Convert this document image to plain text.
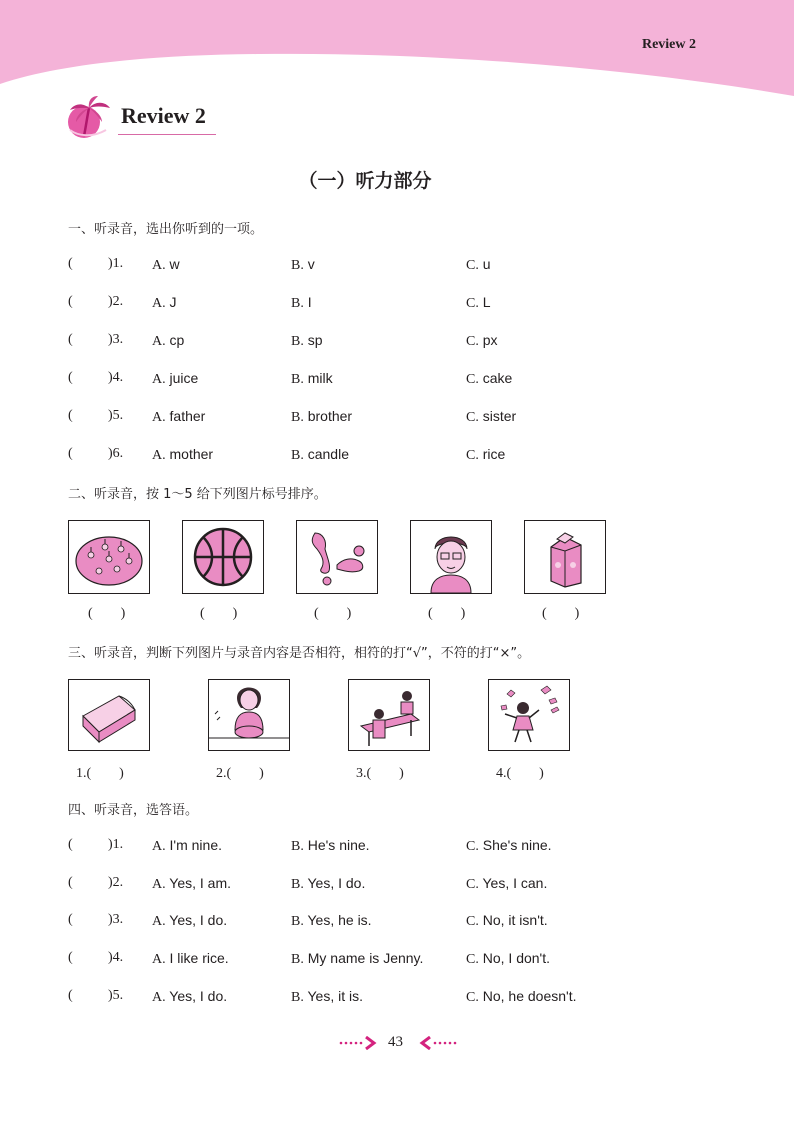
Review 2
Review 2
（一）听力部分
一、听录音，选出你听到的一项。
(	)1. A. w	B. v	C. u
(	)2. A. J	B. I	C. L
(	)3. A. cp	B. sp	C. px
(	)4. A. juice	B. milk	C. cake
(	)5. A. father	B. brother	C. sister
(	)6. A. mother	B. candle	C. rice
二、听录音，按 1～5 给下列图片标号排序。
(　　)	(　　)	(　　)	(　　)	(　　)
三、听录音，判断下列图片与录音内容是否相符，相符的打“√”，不符的打“×”。
1.(　　)	2.(　　)	3.(　　)	4.(　　)
四、听录音，选答语。
(	)1. A. I'm nine.	B. He's nine.	C. She's nine.
(	)2. A. Yes, I am.	B. Yes, I do.	C. Yes, I can.
(	)3. A. Yes, I do.	B. Yes, he is.	C. No, it isn't.
(	)4. A. I like rice.	B. My name is Jenny.	C. No, I don't.
(	)5. A. Yes, I do.	B. Yes, it is.	C. No, he doesn't.
43
